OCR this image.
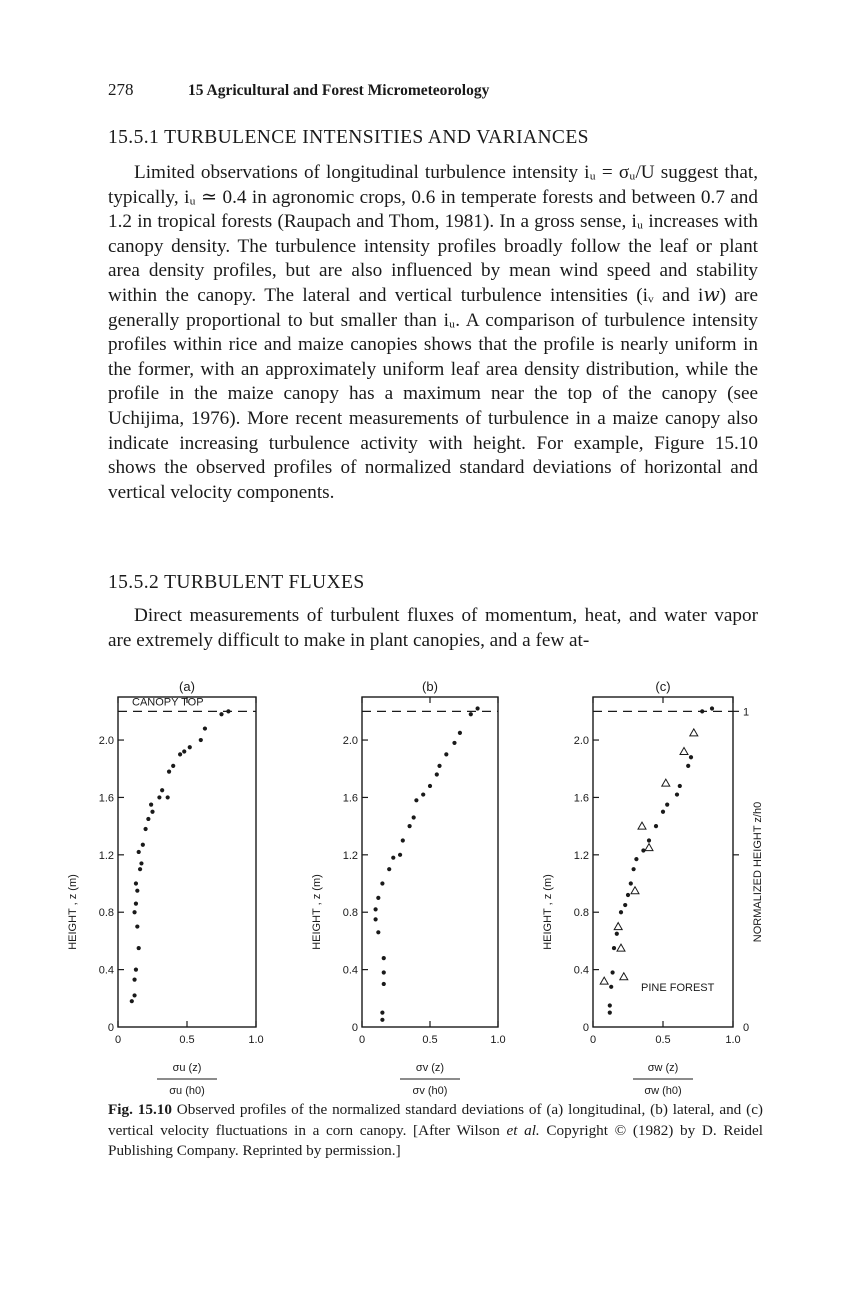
278	15 Agricultural and Forest Micrometeorology
15.5.1 TURBULENCE INTENSITIES AND VARIANCES
Limited observations of longitudinal turbulence intensity iᵤ = σᵤ/U suggest that, typically, iᵤ ≃ 0.4 in agronomic crops, 0.6 in temperate forests and between 0.7 and 1.2 in tropical forests (Raupach and Thom, 1981). In a gross sense, iᵤ increases with canopy density. The turbulence intensity profiles broadly follow the leaf or plant area density profiles, but are also influenced by mean wind speed and stability within the canopy. The lateral and vertical turbulence intensities (iᵥ and i𝑤) are generally proportional to but smaller than iᵤ. A comparison of turbulence intensity profiles within rice and maize canopies shows that the profile is nearly uniform in the former, with an approximately uniform leaf area density distribution, while the profile in the maize canopy has a maximum near the top of the canopy (see Uchijima, 1976). More recent measurements of turbulence in a maize canopy also indicate increasing turbulence activity with height. For example, Figure 15.10 shows the observed profiles of normalized standard deviations of horizontal and vertical velocity components.
15.5.2 TURBULENT FLUXES
Direct measurements of turbulent fluxes of momentum, heat, and water vapor are extremely difficult to make in plant canopies, and a few at-
(a)
CANOPY TOP
0
0.4
0.8
1.2
1.6
2.0
0	0.5	1.0
HEIGHT , z (m)
σu (z)
σu (h0)
(b)
0
0.4
0.8
1.2
1.6
2.0
0	0.5	1.0
HEIGHT , z (m)
σv (z)
σv (h0)
(c)
PINE FOREST
0
0.4
0.8
1.2
1.6
2.0
0	0.5	1.0
HEIGHT , z (m)
σw (z)
σw (h0)
1
0
NORMALIZED HEIGHT z/h0
Fig. 15.10 Observed profiles of the normalized standard deviations of (a) longitudinal, (b) lateral, and (c) vertical velocity fluctuations in a corn canopy. [After Wilson et al. Copyright © (1982) by D. Reidel Publishing Company. Reprinted by permission.]
